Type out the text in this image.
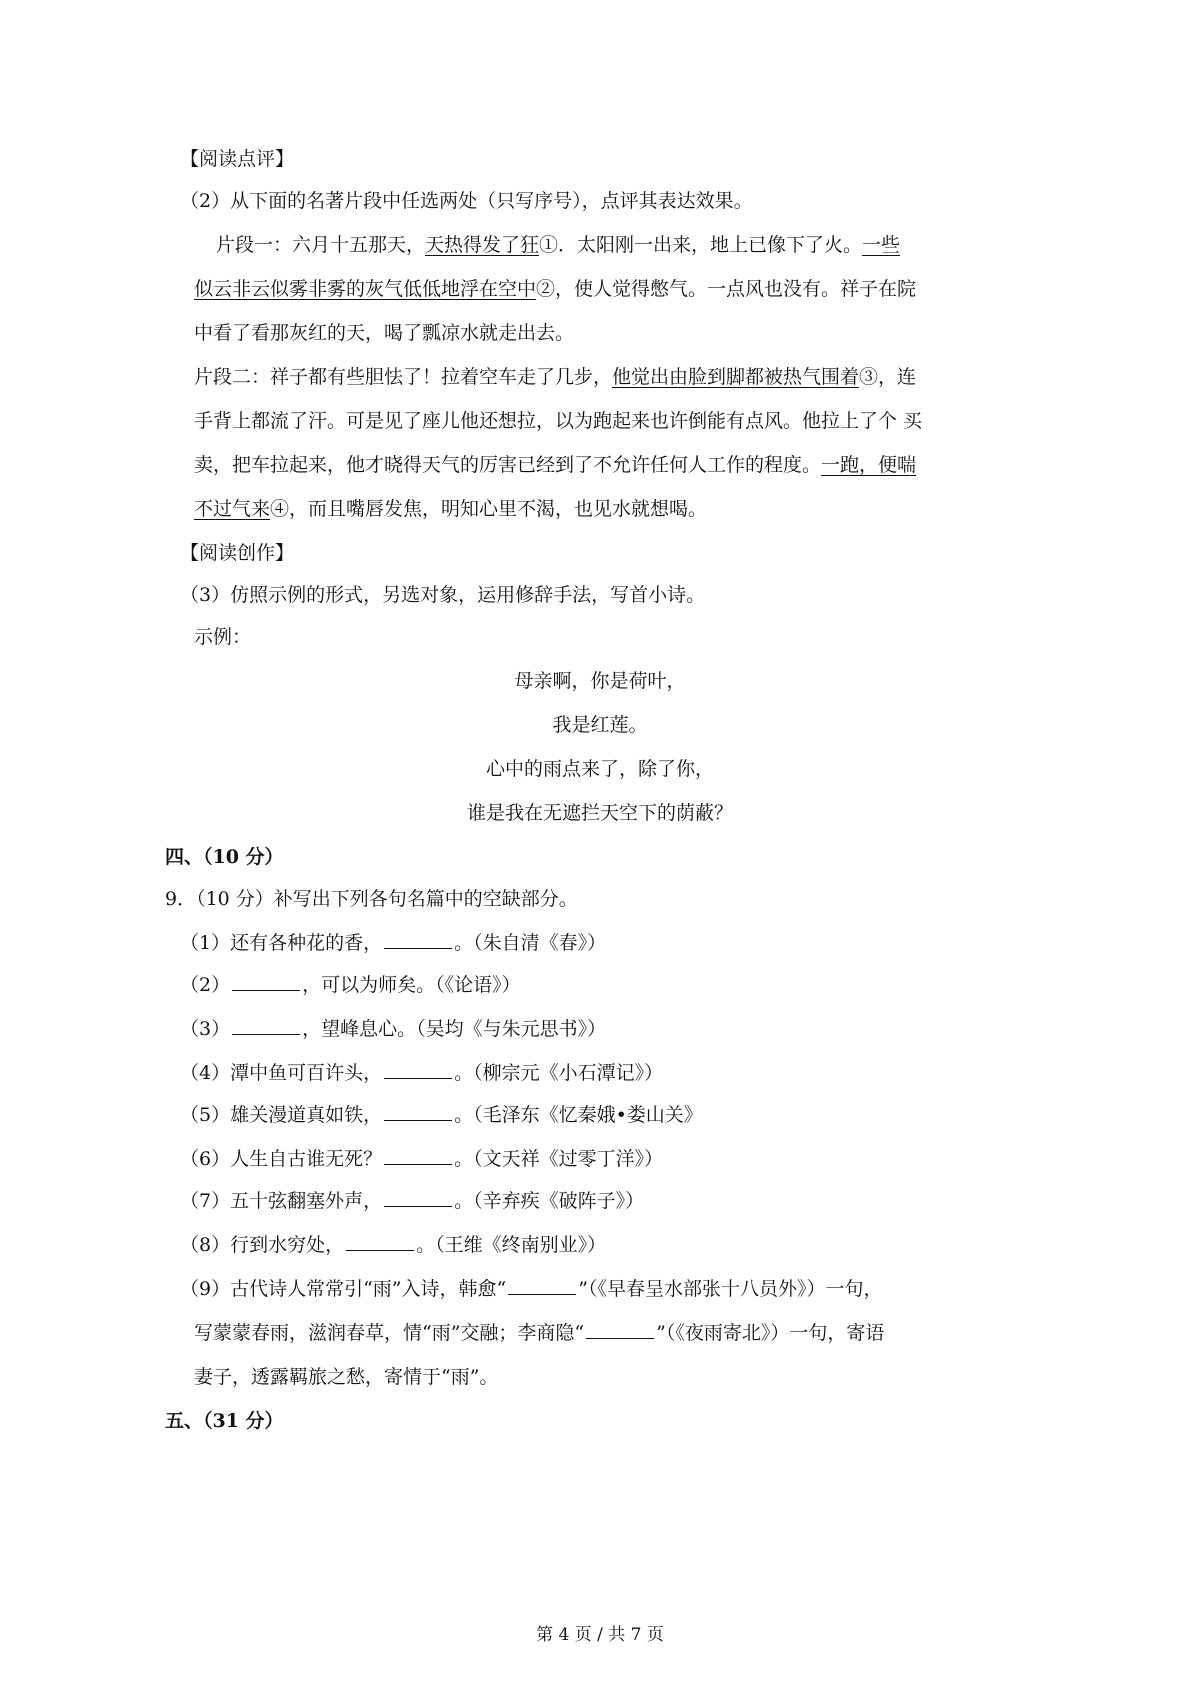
【阅读点评】
（2）从下面的名著片段中任选两处（只写序号），点评其表达效果。
片段一：六月十五那天，天热得发了狂①．太阳刚一出来，地上已像下了火。一些
似云非云似雾非雾的灰气低低地浮在空中②，使人觉得憋气。一点风也没有。祥子在院
中看了看那灰红的天，喝了瓢凉水就走出去。
片段二：祥子都有些胆怯了！拉着空车走了几步，他觉出由脸到脚都被热气围着③，连
手背上都流了汗。可是见了座儿他还想拉，以为跑起来也许倒能有点风。他拉上了个 买
卖，把车拉起来，他才晓得天气的厉害已经到了不允许任何人工作的程度。一跑，便喘
不过气来④，而且嘴唇发焦，明知心里不渴，也见水就想喝。
【阅读创作】
（3）仿照示例的形式，另选对象，运用修辞手法，写首小诗。
示例：
母亲啊，你是荷叶，
我是红莲。
心中的雨点来了，除了你，
谁是我在无遮拦天空下的荫蔽？
四、（10 分）
9．（10 分）补写出下列各句名篇中的空缺部分。
（1）还有各种花的香，	。（朱自清《春》）
（2）	，可以为师矣。（《论语》）
（3）	，望峰息心。（吴均《与朱元思书》）
（4）潭中鱼可百许头，	。（柳宗元《小石潭记》）
（5）雄关漫道真如铁，	。（毛泽东《忆秦娥•娄山关》
（6）人生自古谁无死？	。（文天祥《过零丁洋》）
（7）五十弦翻塞外声，	。（辛弃疾《破阵子》）
（8）行到水穷处，	。（王维《终南别业》）
（9）古代诗人常常引“雨”入诗，韩愈“	”（《早春呈水部张十八员外》）一句，
写蒙蒙春雨，滋润春草，情“雨”交融；李商隐“	”（《夜雨寄北》）一句，寄语
妻子，透露羁旅之愁，寄情于“雨”。
五、（31 分）
第 4 页 / 共 7 页
